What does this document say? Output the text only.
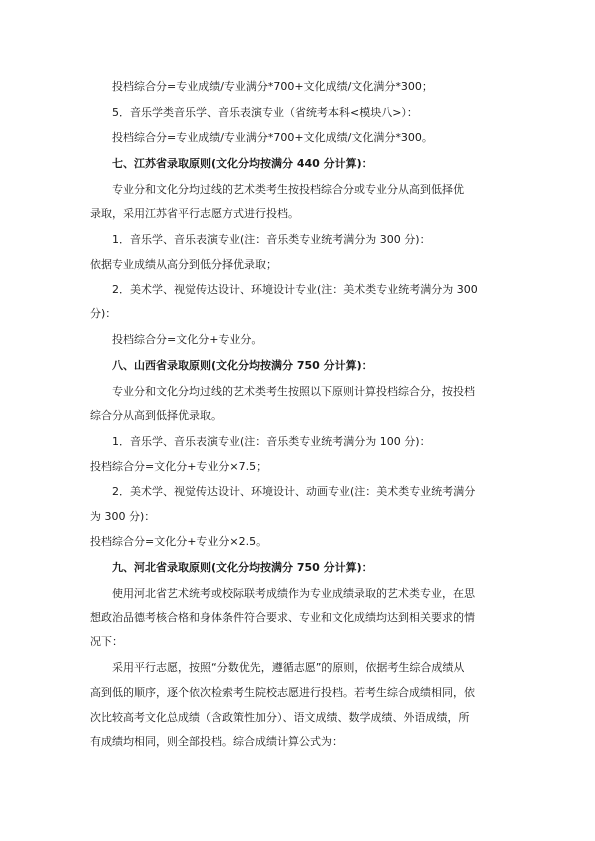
投档综合分=专业成绩/专业满分*700+文化成绩/文化满分*300；
5．音乐学类音乐学、音乐表演专业（省统考本科<模块八>）：
投档综合分=专业成绩/专业满分*700+文化成绩/文化满分*300。
七、江苏省录取原则(文化分均按满分 440 分计算)：
专业分和文化分均过线的艺术类考生按投档综合分或专业分从高到低择优
录取，采用江苏省平行志愿方式进行投档。
1．音乐学、音乐表演专业(注：音乐类专业统考满分为 300 分)：
依据专业成绩从高分到低分择优录取；
2．美术学、视觉传达设计、环境设计专业(注：美术类专业统考满分为 300
分)：
投档综合分=文化分+专业分。
八、山西省录取原则(文化分均按满分 750 分计算)：
专业分和文化分均过线的艺术类考生按照以下原则计算投档综合分，按投档
综合分从高到低择优录取。
1．音乐学、音乐表演专业(注：音乐类专业统考满分为 100 分)：
投档综合分=文化分+专业分×7.5；
2．美术学、视觉传达设计、环境设计、动画专业(注：美术类专业统考满分
为 300 分)：
投档综合分=文化分+专业分×2.5。
九、河北省录取原则(文化分均按满分 750 分计算)：
使用河北省艺术统考或校际联考成绩作为专业成绩录取的艺术类专业，在思
想政治品德考核合格和身体条件符合要求、专业和文化成绩均达到相关要求的情
况下：
采用平行志愿，按照“分数优先，遵循志愿”的原则，依据考生综合成绩从
高到低的顺序，逐个依次检索考生院校志愿进行投档。若考生综合成绩相同，依
次比较高考文化总成绩（含政策性加分）、语文成绩、数学成绩、外语成绩，所
有成绩均相同，则全部投档。综合成绩计算公式为：
